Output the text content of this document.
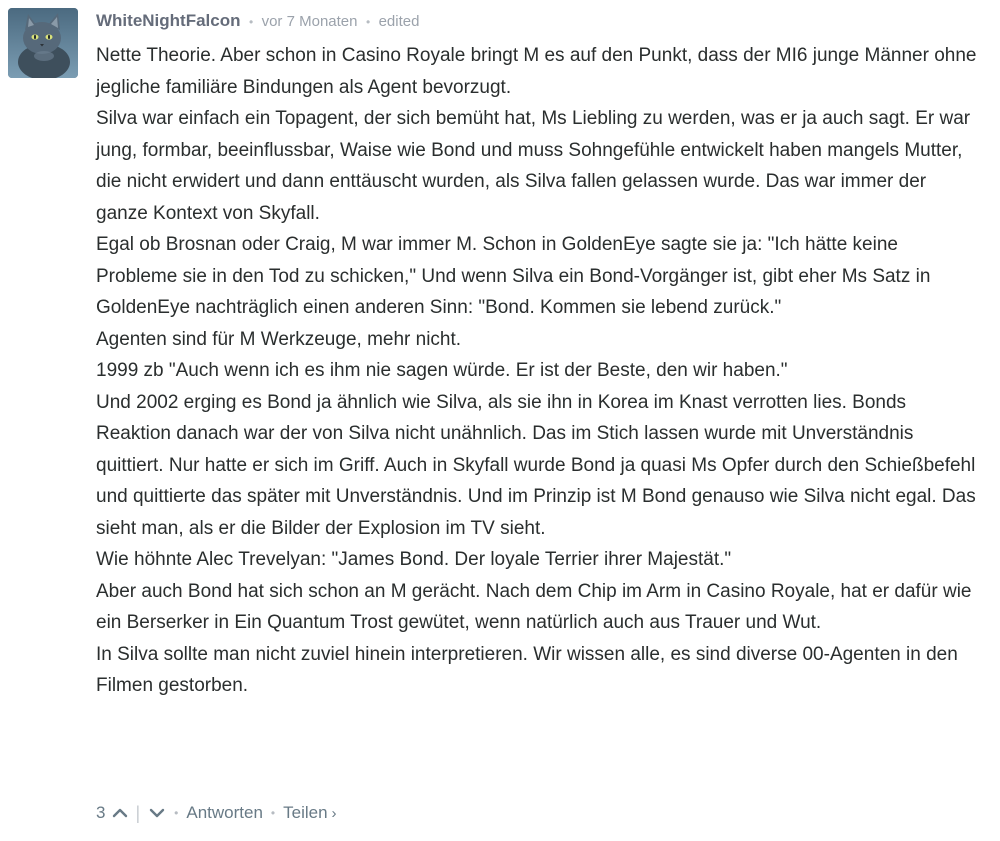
WhiteNightFalcon • vor 7 Monaten • edited

Nette Theorie. Aber schon in Casino Royale bringt M es auf den Punkt, dass der MI6 junge Männer ohne jegliche familiäre Bindungen als Agent bevorzugt.

Silva war einfach ein Topagent, der sich bemüht hat, Ms Liebling zu werden, was er ja auch sagt. Er war jung, formbar, beeinflussbar, Waise wie Bond und muss Sohngefühle entwickelt haben mangels Mutter, die nicht erwidert und dann enttäuscht wurden, als Silva fallen gelassen wurde. Das war immer der ganze Kontext von Skyfall.

Egal ob Brosnan oder Craig, M war immer M. Schon in GoldenEye sagte sie ja: "Ich hätte keine Probleme sie in den Tod zu schicken," Und wenn Silva ein Bond-Vorgänger ist, gibt eher Ms Satz in GoldenEye nachträglich einen anderen Sinn: "Bond. Kommen sie lebend zurück."

Agenten sind für M Werkzeuge, mehr nicht.

1999 zb "Auch wenn ich es ihm nie sagen würde. Er ist der Beste, den wir haben."

Und 2002 erging es Bond ja ähnlich wie Silva, als sie ihn in Korea im Knast verrotten lies. Bonds Reaktion danach war der von Silva nicht unähnlich. Das im Stich lassen wurde mit Unverständnis quittiert. Nur hatte er sich im Griff. Auch in Skyfall wurde Bond ja quasi Ms Opfer durch den Schießbefehl und quittierte das später mit Unverständnis. Und im Prinzip ist M Bond genauso wie Silva nicht egal. Das sieht man, als er die Bilder der Explosion im TV sieht.

Wie höhnte Alec Trevelyan: "James Bond. Der loyale Terrier ihrer Majestät."

Aber auch Bond hat sich schon an M gerächt. Nach dem Chip im Arm in Casino Royale, hat er dafür wie ein Berserker in Ein Quantum Trost gewütet, wenn natürlich auch aus Trauer und Wut.

In Silva sollte man nicht zuviel hinein interpretieren. Wir wissen alle, es sind diverse 00-Agenten in den Filmen gestorben.

3 |	• Antworten • Teilen ›
